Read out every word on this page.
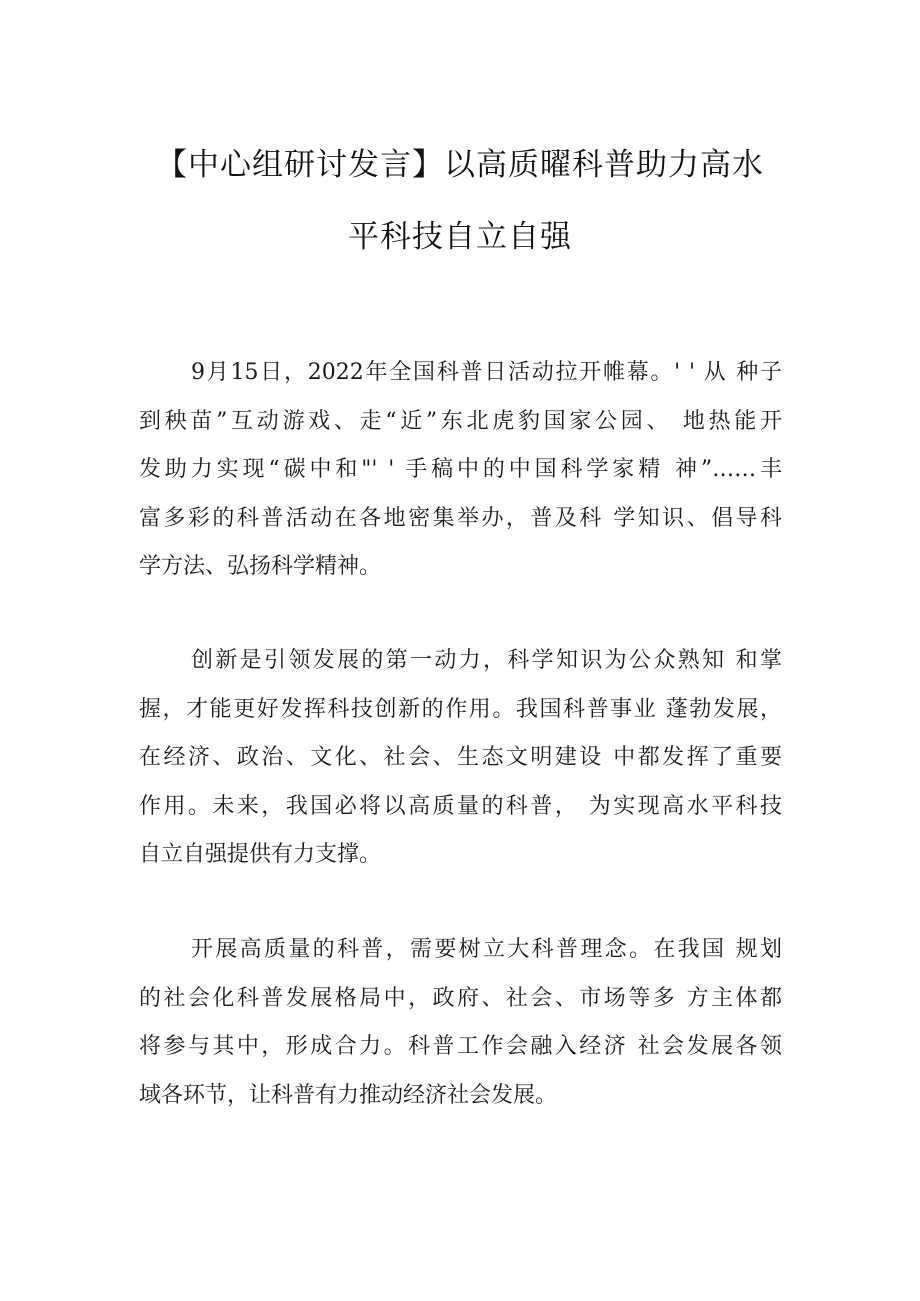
【中心组研讨发言】以高质曜科普助力高水
平科技自立自强
9月15日，2022年全国科普日活动拉开帷幕。' ' 从 种子
到秧苗”互动游戏、走“近”东北虎豹国家公园、 地热能开
发助力实现“碳中和"' ' 手稿中的中国科学家精 神”……丰
富多彩的科普活动在各地密集举办，普及科 学知识、倡导科
学方法、弘扬科学精神。
创新是引领发展的第一动力，科学知识为公众熟知 和掌
握，才能更好发挥科技创新的作用。我国科普事业 蓬勃发展，
在经济、政治、文化、社会、生态文明建设 中都发挥了重要
作用。未来，我国必将以高质量的科普， 为实现高水平科技
自立自强提供有力支撑。
开展高质量的科普，需要树立大科普理念。在我国 规划
的社会化科普发展格局中，政府、社会、市场等多 方主体都
将参与其中，形成合力。科普工作会融入经济 社会发展各领
域各环节，让科普有力推动经济社会发展。
